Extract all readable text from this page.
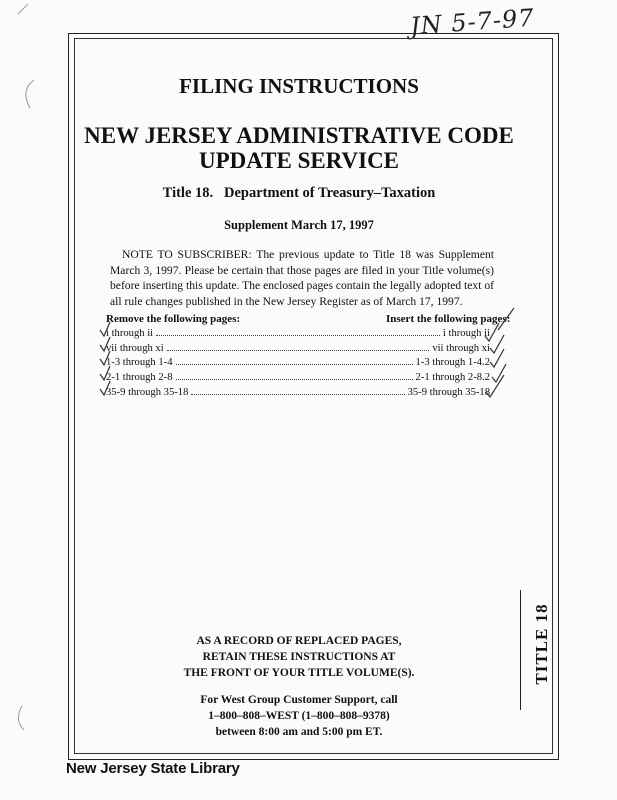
JN 5-7-97
TITLE 18
FILING INSTRUCTIONS
NEW JERSEY ADMINISTRATIVE CODE
UPDATE SERVICE
Title 18.   Department of Treasury–Taxation
Supplement March 17, 1997
NOTE TO SUBSCRIBER: The previous update to Title 18 was Supplement March 3, 1997. Please be certain that those pages are filed in your Title volume(s) before inserting this update. The enclosed pages contain the legally adopted text of all rule changes published in the New Jersey Register as of March 17, 1997.
Remove the following pages:	Insert the following pages:
i through ii	i through ii
vii through xi	vii through xi
1-3 through 1-4	1-3 through 1-4.2
2-1 through 2-8	2-1 through 2-8.2
35-9 through 35-18	35-9 through 35-18
AS A RECORD OF REPLACED PAGES,
RETAIN THESE INSTRUCTIONS AT
THE FRONT OF YOUR TITLE VOLUME(S).
For West Group Customer Support, call
1–800–808–WEST (1–800–808–9378)
between 8:00 am and 5:00 pm ET.
New Jersey State Library
